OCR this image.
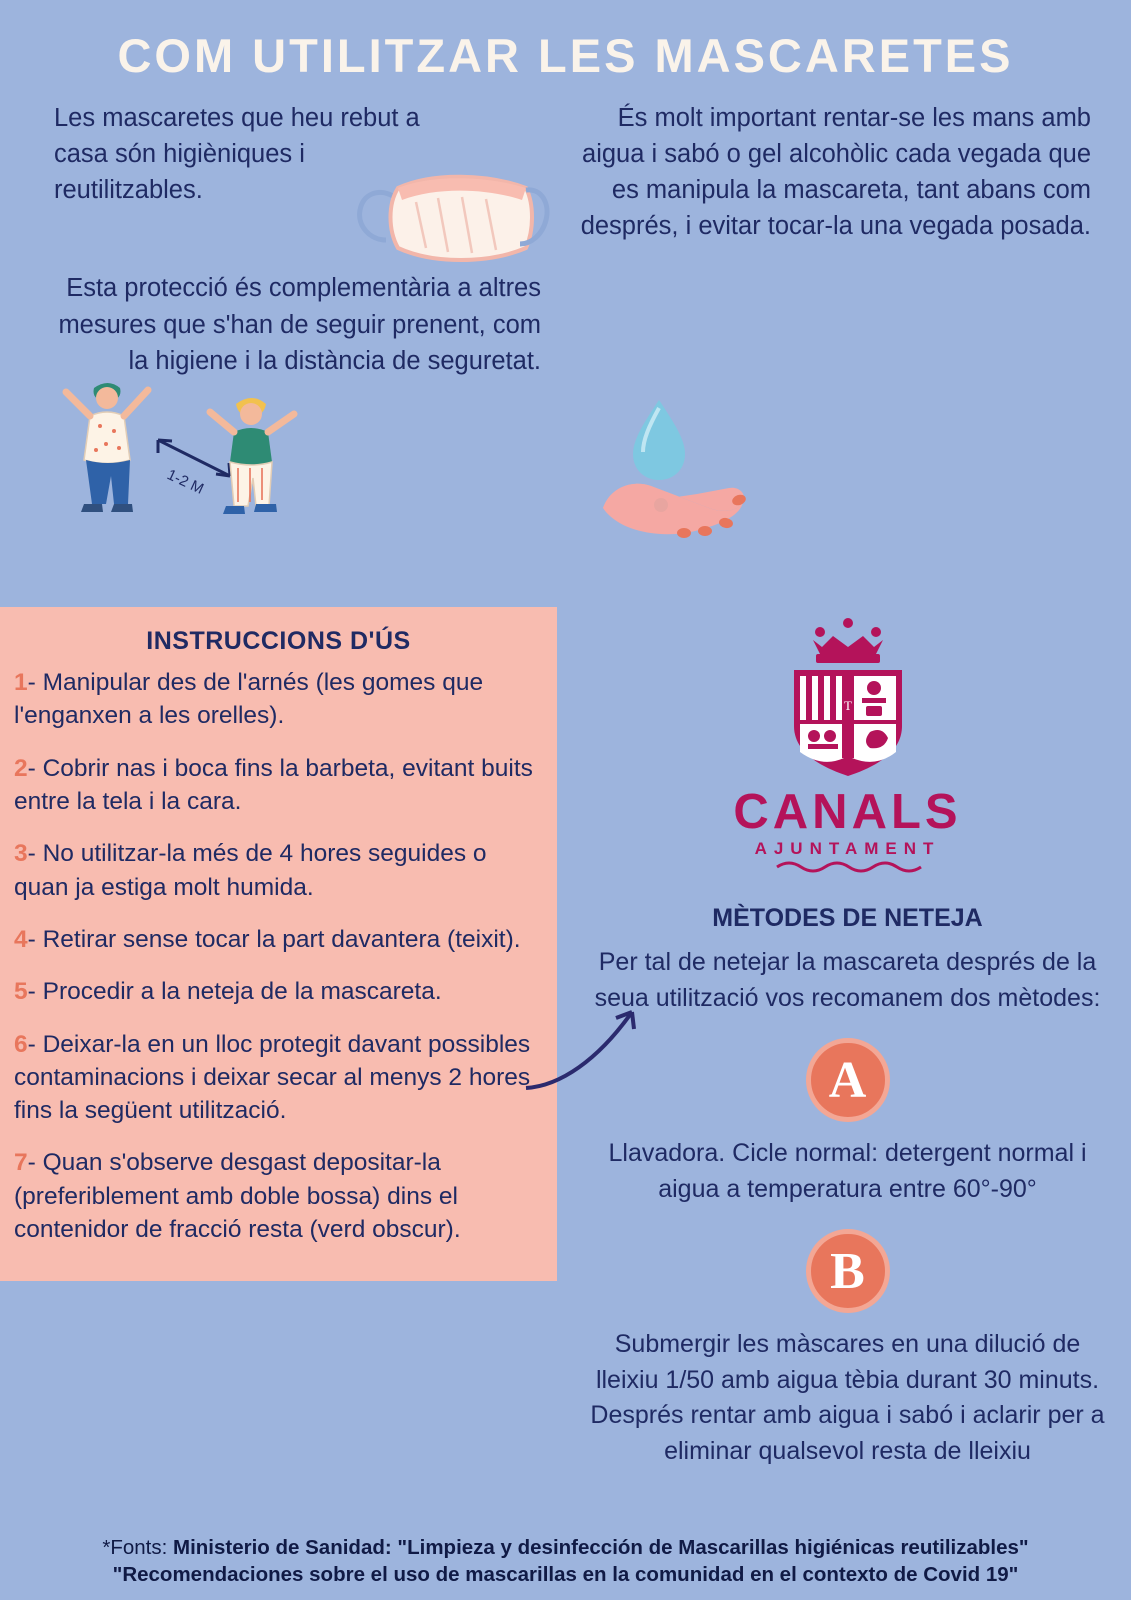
COM UTILITZAR LES MASCARETES
Les mascaretes que heu rebut a casa són higièniques i reutilitzables.
Esta protecció és complementària a altres mesures que s'han de seguir prenent, com la higiene i la distància de seguretat.
1-2 M
És molt important rentar-se les mans amb aigua i sabó o gel alcohòlic cada vegada que es manipula la mascareta, tant abans com després, i evitar tocar-la una vegada posada.
INSTRUCCIONS D'ÚS

1- Manipular des de l'arnés (les gomes que l'enganxen a les orelles).

2- Cobrir nas i boca fins la barbeta, evitant buits entre la tela i la cara.

3- No utilitzar-la més de 4 hores seguides o quan ja estiga molt humida.

4- Retirar sense tocar la part davantera (teixit).

5- Procedir a la neteja de la mascareta.

6- Deixar-la en un lloc protegit davant possibles contaminacions i deixar secar al menys 2 hores fins la següent utilització.

7- Quan s'observe desgast depositar-la (preferiblement amb doble bossa) dins el contenidor de fracció resta (verd obscur).

T
CANALS
AJUNTAMENT
MÈTODES DE NETEJA
Per tal de netejar la mascareta després de la seua utilització vos recomanem dos mètodes:
A
Llavadora. Cicle normal: detergent normal i aigua a temperatura entre 60°-90°
B
Submergir les màscares en una dilució de lleixiu 1/50 amb aigua tèbia durant 30 minuts. Després rentar amb aigua i sabó i aclarir per a eliminar qualsevol resta de lleixiu
*Fonts: Ministerio de Sanidad: "Limpieza y desinfección de Mascarillas higiénicas reutilizables"
"Recomendaciones sobre el uso de mascarillas en la comunidad en el contexto de Covid 19"
